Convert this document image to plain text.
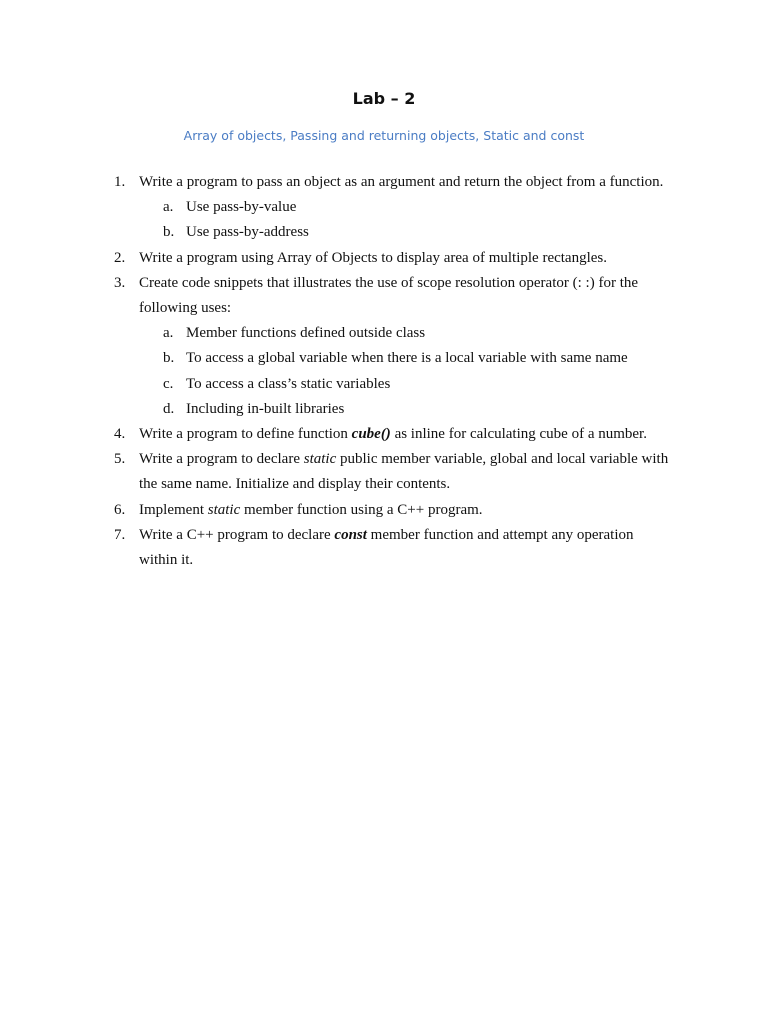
Lab – 2
Array of objects, Passing and returning objects, Static and const
1. Write a program to pass an object as an argument and return the object from a function.
a. Use pass-by-value
b. Use pass-by-address
2. Write a program using Array of Objects to display area of multiple rectangles.
3. Create code snippets that illustrates the use of scope resolution operator (: :) for the following uses:
a. Member functions defined outside class
b. To access a global variable when there is a local variable with same name
c. To access a class’s static variables
d. Including in-built libraries
4. Write a program to define function cube() as inline for calculating cube of a number.
5. Write a program to declare static public member variable, global and local variable with the same name. Initialize and display their contents.
6. Implement static member function using a C++ program.
7. Write a C++ program to declare const member function and attempt any operation within it.
